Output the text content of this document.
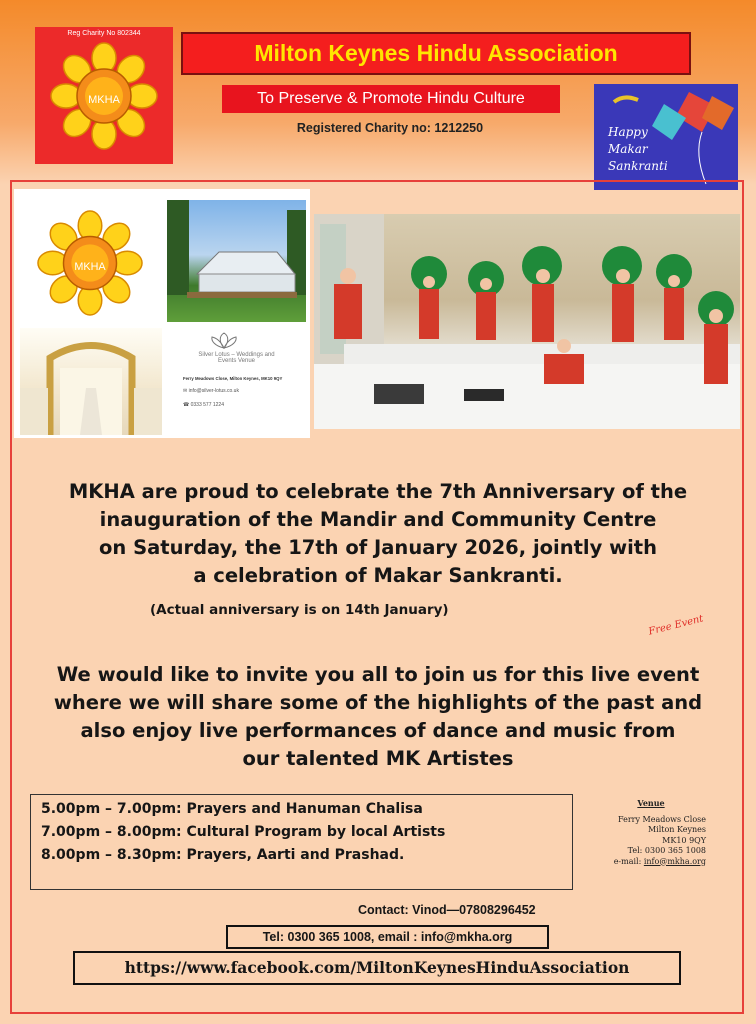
Reg Charity No 802344
MKHA
Milton Keynes Hindu Association
To Preserve & Promote Hindu Culture
Registered Charity no: 1212250	Happy
Makar
Sankranti
MKHA
Silver Lotus – Weddings and Events Venue
Ferry Meadows Close, Milton Keynes, MK10 9QY
✉ info@silver-lotus.co.uk
☎ 0333 577 1224
MKHA are proud to celebrate the 7th Anniversary of the
inauguration of the Mandir and Community Centre
on Saturday, the 17th of January 2026, jointly with
a celebration of Makar Sankranti.
(Actual anniversary is on 14th January)
Free Event
We would like to invite you all to join us for this live event
where we will share some of the highlights of the past and
also enjoy live performances of dance and music from
our talented MK Artistes
5.00pm – 7.00pm: Prayers and Hanuman Chalisa
7.00pm – 8.00pm: Cultural Program by local Artists
8.00pm – 8.30pm: Prayers, Aarti and Prashad.
Venue
Ferry Meadows Close
Milton Keynes
MK10 9QY
Tel: 0300 365 1008
e-mail: info@mkha.org
Contact: Vinod—07808296452
Tel: 0300 365 1008, email : info@mkha.org
https://www.facebook.com/MiltonKeynesHinduAssociation
